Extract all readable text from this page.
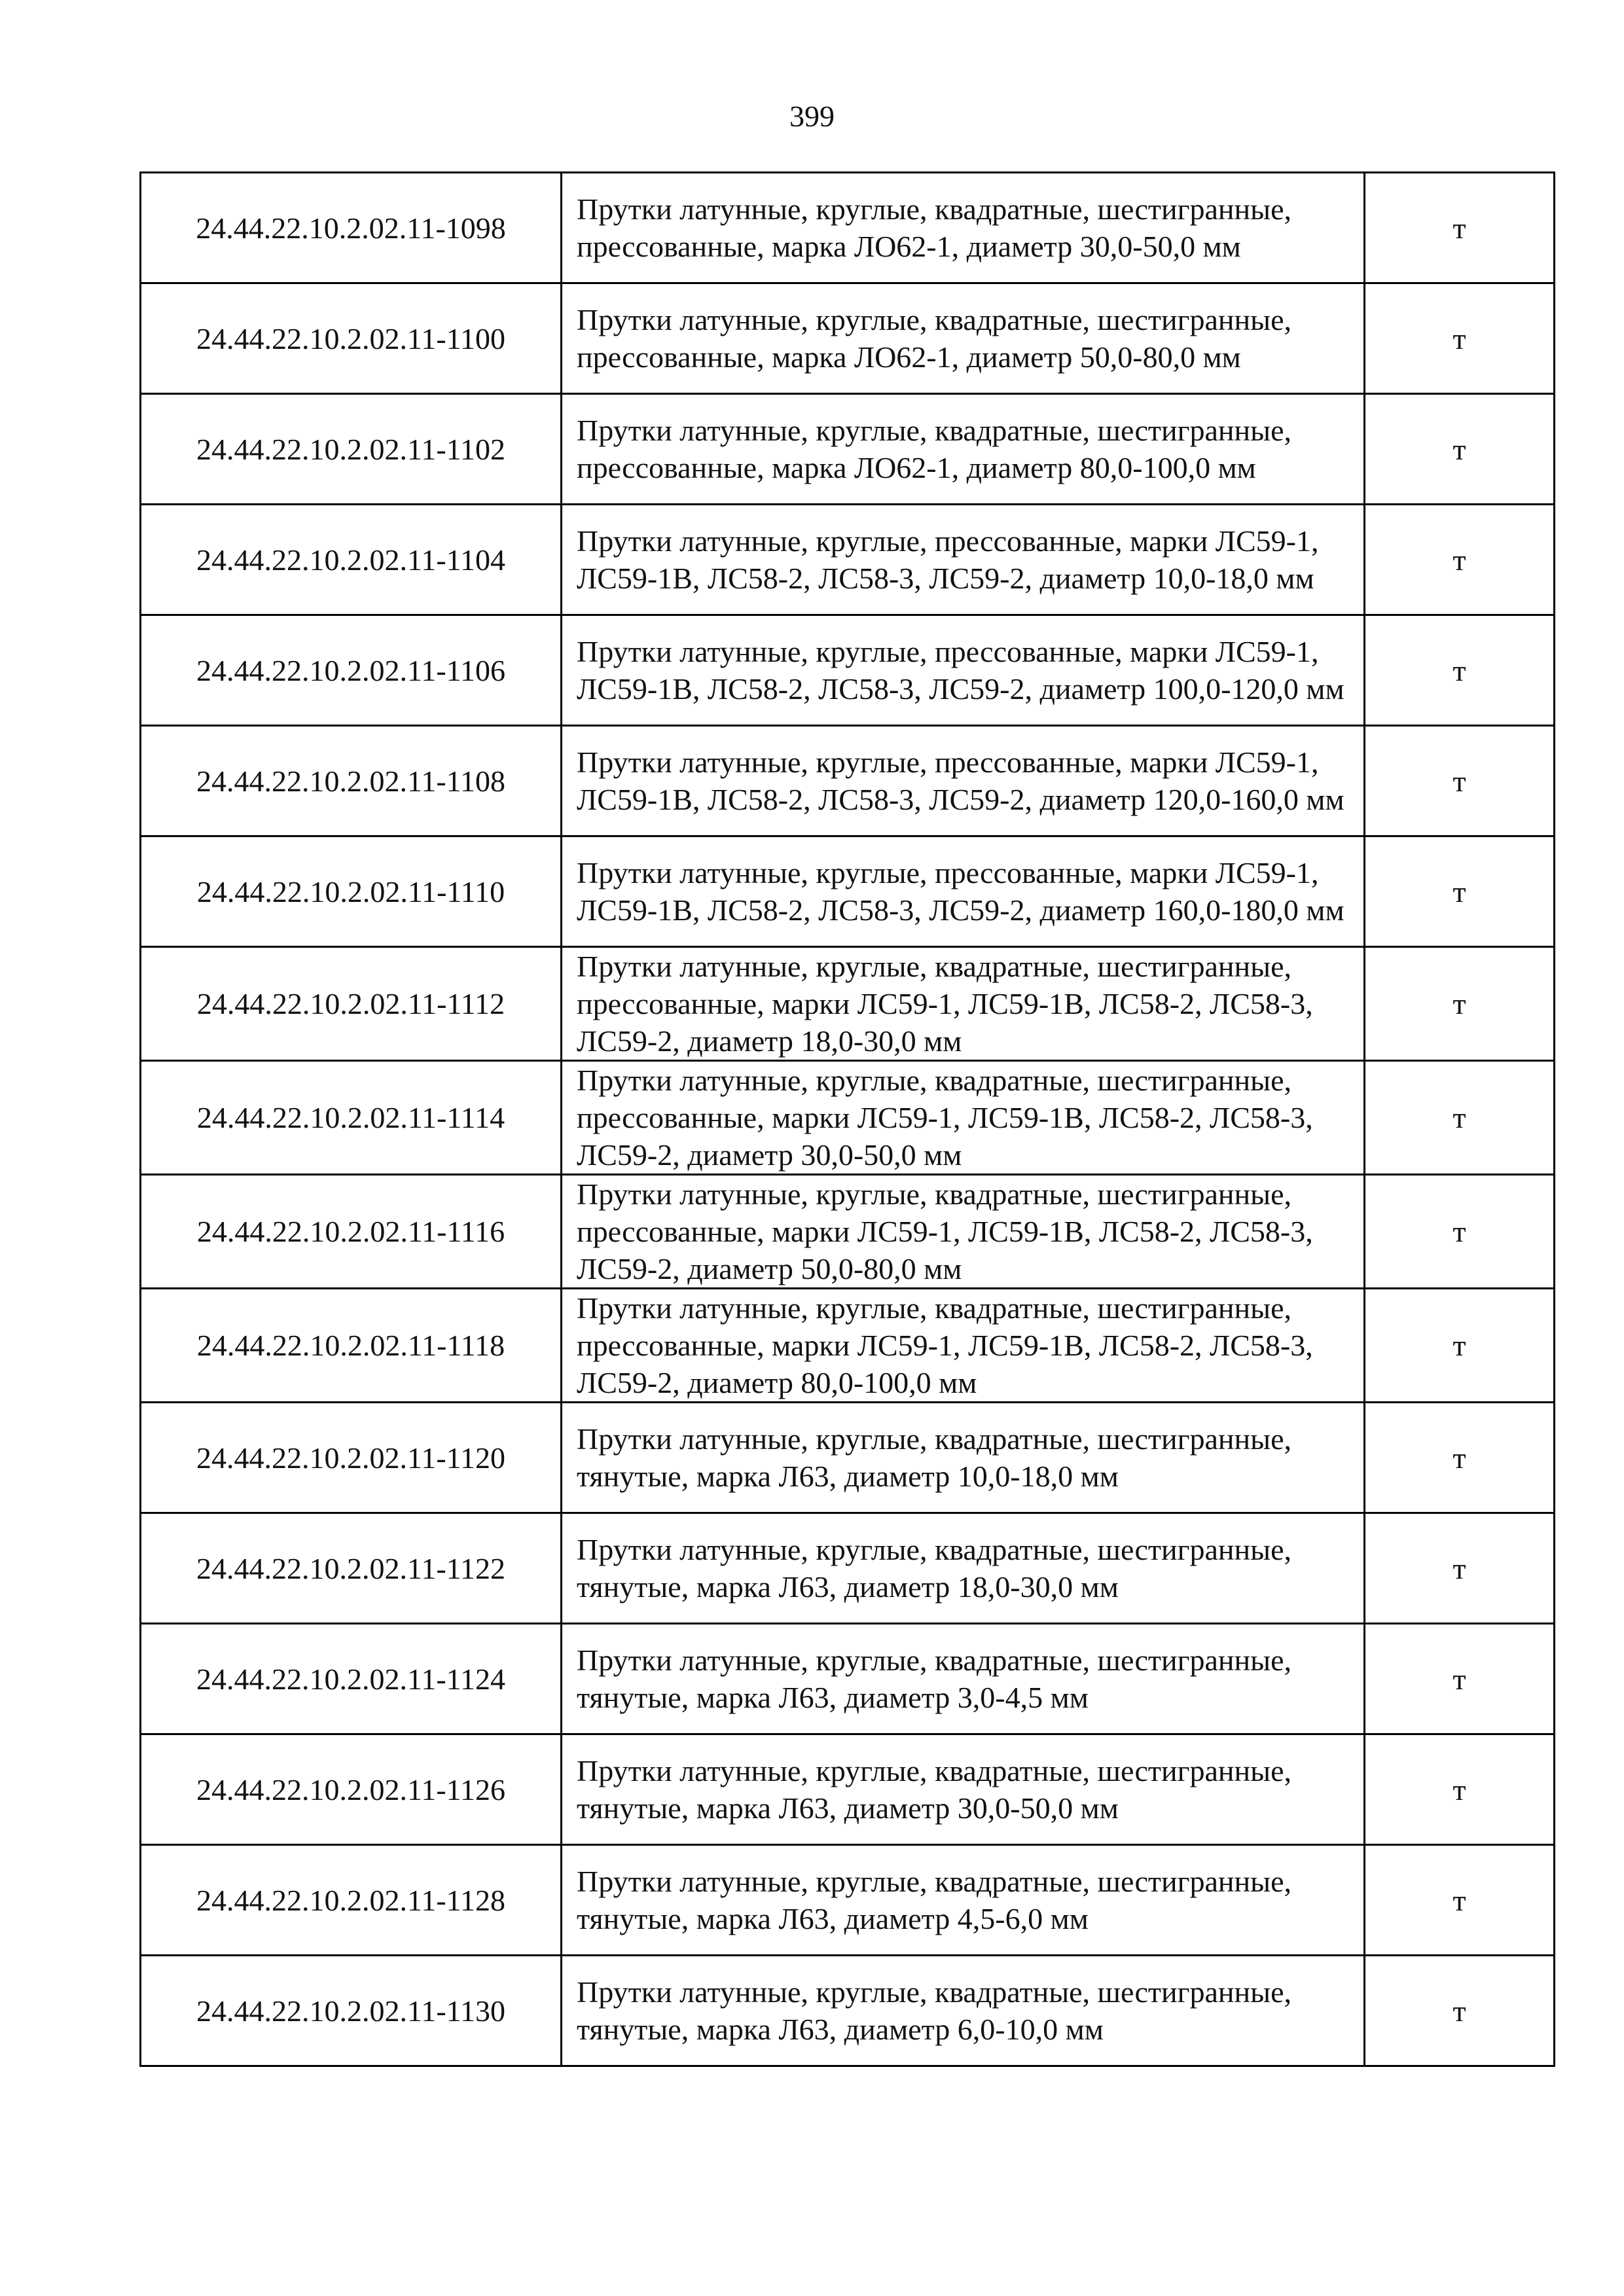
399
24.44.22.10.2.02.11-1098	Прутки латунные, круглые, квадратные, шестигранные, прессованные, марка ЛО62-1, диаметр 30,0-50,0 мм	т
24.44.22.10.2.02.11-1100	Прутки латунные, круглые, квадратные, шестигранные, прессованные, марка ЛО62-1, диаметр 50,0-80,0 мм	т
24.44.22.10.2.02.11-1102	Прутки латунные, круглые, квадратные, шестигранные, прессованные, марка ЛО62-1, диаметр 80,0-100,0 мм	т
24.44.22.10.2.02.11-1104	Прутки латунные, круглые, прессованные, марки ЛС59-1, ЛС59-1В, ЛС58-2, ЛС58-3, ЛС59-2, диаметр 10,0-18,0 мм	т
24.44.22.10.2.02.11-1106	Прутки латунные, круглые, прессованные, марки ЛС59-1, ЛС59-1В, ЛС58-2, ЛС58-3, ЛС59-2, диаметр 100,0-120,0 мм	т
24.44.22.10.2.02.11-1108	Прутки латунные, круглые, прессованные, марки ЛС59-1, ЛС59-1В, ЛС58-2, ЛС58-3, ЛС59-2, диаметр 120,0-160,0 мм	т
24.44.22.10.2.02.11-1110	Прутки латунные, круглые, прессованные, марки ЛС59-1, ЛС59-1В, ЛС58-2, ЛС58-3, ЛС59-2, диаметр 160,0-180,0 мм	т
24.44.22.10.2.02.11-1112	Прутки латунные, круглые, квадратные, шестигранные, прессованные, марки ЛС59-1, ЛС59-1В, ЛС58-2, ЛС58-3, ЛС59-2, диаметр 18,0-30,0 мм	т
24.44.22.10.2.02.11-1114	Прутки латунные, круглые, квадратные, шестигранные, прессованные, марки ЛС59-1, ЛС59-1В, ЛС58-2, ЛС58-3, ЛС59-2, диаметр 30,0-50,0 мм	т
24.44.22.10.2.02.11-1116	Прутки латунные, круглые, квадратные, шестигранные, прессованные, марки ЛС59-1, ЛС59-1В, ЛС58-2, ЛС58-3, ЛС59-2, диаметр 50,0-80,0 мм	т
24.44.22.10.2.02.11-1118	Прутки латунные, круглые, квадратные, шестигранные, прессованные, марки ЛС59-1, ЛС59-1В, ЛС58-2, ЛС58-3, ЛС59-2, диаметр 80,0-100,0 мм	т
24.44.22.10.2.02.11-1120	Прутки латунные, круглые, квадратные, шестигранные, тянутые, марка Л63, диаметр 10,0-18,0 мм	т
24.44.22.10.2.02.11-1122	Прутки латунные, круглые, квадратные, шестигранные, тянутые, марка Л63, диаметр 18,0-30,0 мм	т
24.44.22.10.2.02.11-1124	Прутки латунные, круглые, квадратные, шестигранные, тянутые, марка Л63, диаметр 3,0-4,5 мм	т
24.44.22.10.2.02.11-1126	Прутки латунные, круглые, квадратные, шестигранные, тянутые, марка Л63, диаметр 30,0-50,0 мм	т
24.44.22.10.2.02.11-1128	Прутки латунные, круглые, квадратные, шестигранные, тянутые, марка Л63, диаметр 4,5-6,0 мм	т
24.44.22.10.2.02.11-1130	Прутки латунные, круглые, квадратные, шестигранные, тянутые, марка Л63, диаметр 6,0-10,0 мм	т
